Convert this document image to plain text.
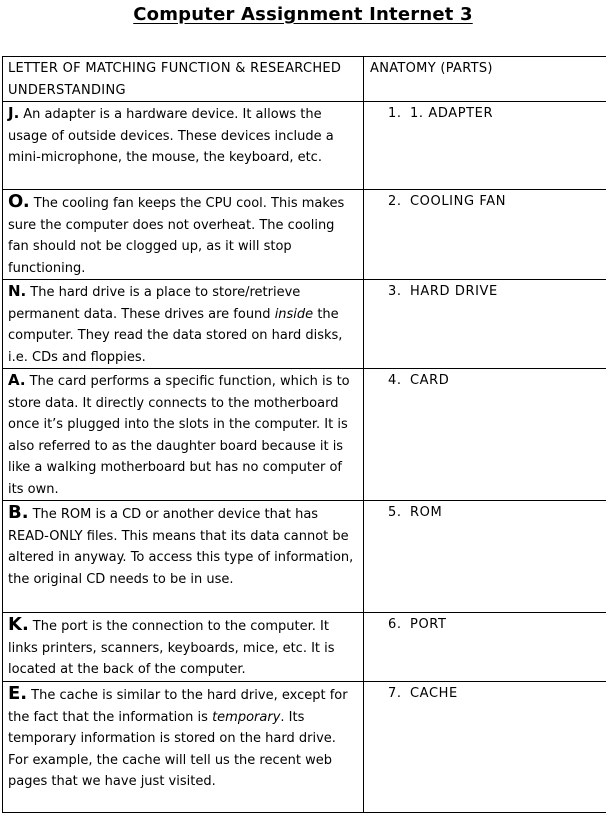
Computer Assignment Internet 3
LETTER OF MATCHING FUNCTION & RESEARCHED UNDERSTANDING	ANATOMY (PARTS)
J. An adapter is a hardware device. It allows the usage of outside devices. These devices include a mini-microphone, the mouse, the keyboard, etc.	1. 1. ADAPTER
O. The cooling fan keeps the CPU cool. This makes sure the computer does not overheat. The cooling fan should not be clogged up, as it will stop functioning.	2. COOLING FAN
N. The hard drive is a place to store/retrieve permanent data. These drives are found inside the computer. They read the data stored on hard disks, i.e. CDs and floppies.	3. HARD DRIVE
A. The card performs a specific function, which is to store data. It directly connects to the motherboard once it’s plugged into the slots in the computer. It is also referred to as the daughter board because it is like a walking motherboard but has no computer of its own.	4. CARD
B. The ROM is a CD or another device that has READ-ONLY files. This means that its data cannot be altered in anyway. To access this type of information, the original CD needs to be in use.	5. ROM
K. The port is the connection to the computer. It links printers, scanners, keyboards, mice, etc. It is located at the back of the computer.	6. PORT
E. The cache is similar to the hard drive, except for the fact that the information is temporary. Its temporary information is stored on the hard drive. For example, the cache will tell us the recent web pages that we have just visited.	7. CACHE
